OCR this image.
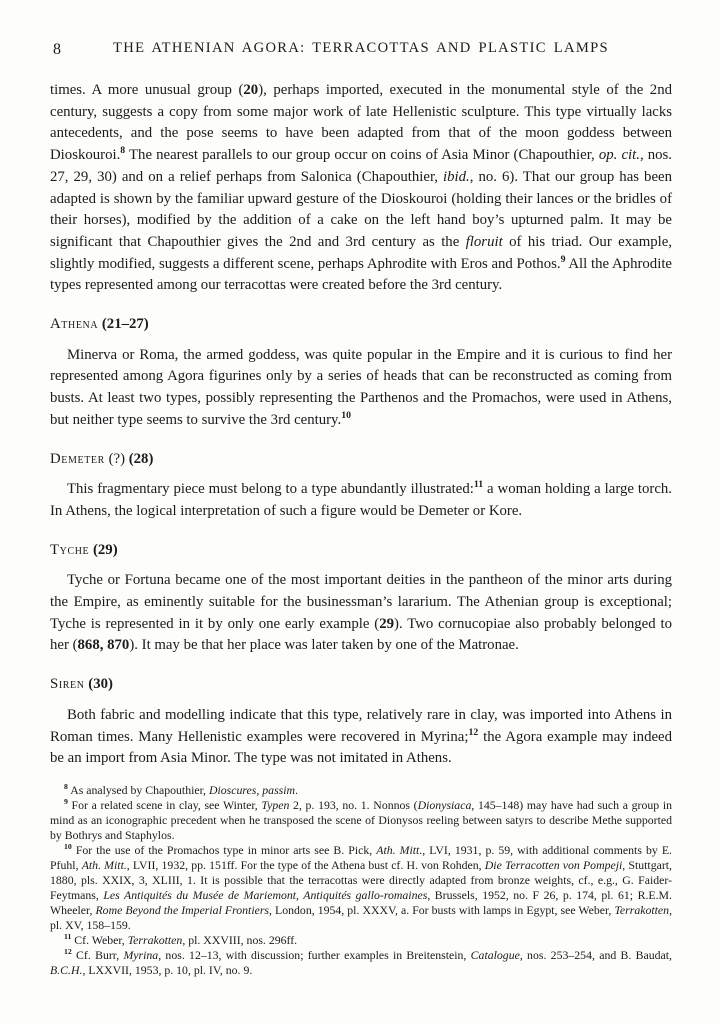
8	THE ATHENIAN AGORA: TERRACOTTAS AND PLASTIC LAMPS

times. A more unusual group (20), perhaps imported, executed in the monumental style of the 2nd century, suggests a copy from some major work of late Hellenistic sculpture. This type virtually lacks antecedents, and the pose seems to have been adapted from that of the moon goddess between Dioskouroi.$^8$ The nearest parallels to our group occur on coins of Asia Minor (Chapouthier, op. cit., nos. 27, 29, 30) and on a relief perhaps from Salonica (Chapouthier, ibid., no. 6). That our group has been adapted is shown by the familiar upward gesture of the Dioskouroi (holding their lances or the bridles of their horses), modified by the addition of a cake on the left hand boy’s upturned palm. It may be significant that Chapouthier gives the 2nd and 3rd century as the floruit of his triad. Our example, slightly modified, suggests a different scene, perhaps Aphrodite with Eros and Pothos.$^9$ All the Aphrodite types represented among our terracottas were created before the 3rd century.

Athena (21–27)

Minerva or Roma, the armed goddess, was quite popular in the Empire and it is curious to find her represented among Agora figurines only by a series of heads that can be reconstructed as coming from busts. At least two types, possibly representing the Parthenos and the Promachos, were used in Athens, but neither type seems to survive the 3rd century.$^{10}$

Demeter (?) (28)

This fragmentary piece must belong to a type abundantly illustrated:$^{11}$ a woman holding a large torch. In Athens, the logical interpretation of such a figure would be Demeter or Kore.

Tyche (29)

Tyche or Fortuna became one of the most important deities in the pantheon of the minor arts during the Empire, as eminently suitable for the businessman’s lararium. The Athenian group is exceptional; Tyche is represented in it by only one early example (29). Two cornucopiae also probably belonged to her (868, 870). It may be that her place was later taken by one of the Matronae.

Siren (30)

Both fabric and modelling indicate that this type, relatively rare in clay, was imported into Athens in Roman times. Many Hellenistic examples were recovered in Myrina;$^{12}$ the Agora example may indeed be an import from Asia Minor. The type was not imitated in Athens.

$^8$ As analysed by Chapouthier, Dioscures, passim.

$^9$ For a related scene in clay, see Winter, Typen 2, p. 193, no. 1. Nonnos (Dionysiaca, 145–148) may have had such a group in mind as an iconographic precedent when he transposed the scene of Dionysos reeling between satyrs to describe Methe supported by Bothrys and Staphylos.

$^{10}$ For the use of the Promachos type in minor arts see B. Pick, Ath. Mitt., LVI, 1931, p. 59, with additional comments by E. Pfuhl, Ath. Mitt., LVII, 1932, pp. 151ff. For the type of the Athena bust cf. H. von Rohden, Die Terracotten von Pompeji, Stuttgart, 1880, pls. XXIX, 3, XLIII, 1. It is possible that the terracottas were directly adapted from bronze weights, cf., e.g., G. Faider-Feytmans, Les Antiquités du Musée de Mariemont, Antiquités gallo-romaines, Brussels, 1952, no. F 26, p. 174, pl. 61; R.E.M. Wheeler, Rome Beyond the Imperial Frontiers, London, 1954, pl. XXXV, a. For busts with lamps in Egypt, see Weber, Terrakotten, pl. XV, 158–159.

$^{11}$ Cf. Weber, Terrakotten, pl. XXVIII, nos. 296ff.

$^{12}$ Cf. Burr, Myrina, nos. 12–13, with discussion; further examples in Breitenstein, Catalogue, nos. 253–254, and B. Baudat, B.C.H., LXXVII, 1953, p. 10, pl. IV, no. 9.
